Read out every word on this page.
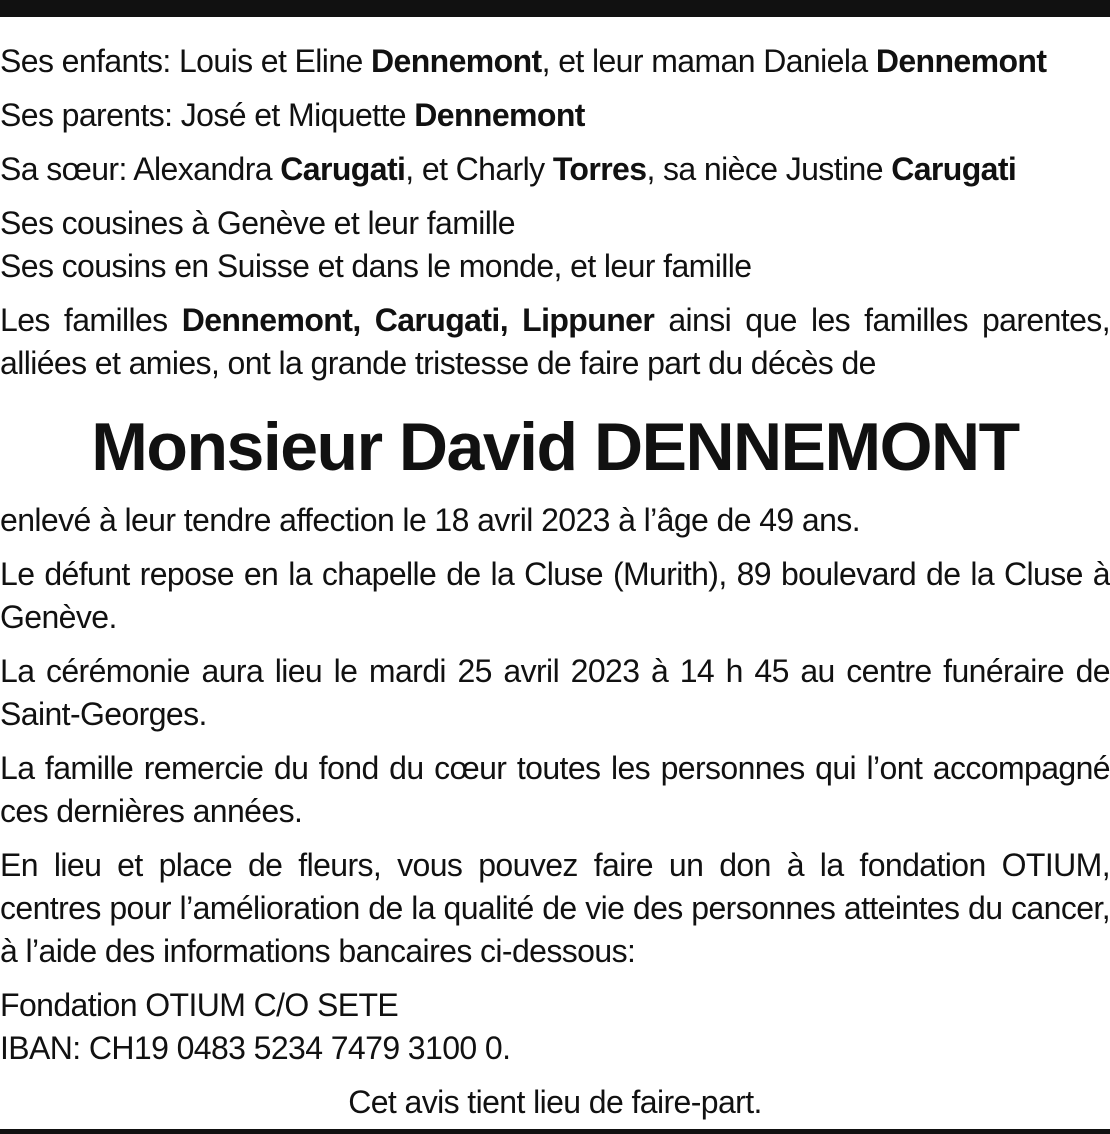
Ses enfants: Louis et Eline Dennemont, et leur maman Daniela Dennemont

Ses parents: José et Miquette Dennemont

Sa sœur: Alexandra Carugati, et Charly Torres, sa nièce Justine Carugati

Ses cousines à Genève et leur famille

Ses cousins en Suisse et dans le monde, et leur famille

Les familles Dennemont, Carugati, Lippuner ainsi que les familles parentes,

alliées et amies, ont la grande tristesse de faire part du décès de

Monsieur David DENNEMONT

enlevé à leur tendre affection le 18 avril 2023 à l’âge de 49 ans.

Le défunt repose en la chapelle de la Cluse (Murith), 89 boulevard de la Cluse à Genève.

La cérémonie aura lieu le mardi 25 avril 2023 à 14 h 45 au centre funéraire de Saint-Georges.

La famille remercie du fond du cœur toutes les personnes qui l’ont accompagné ces dernières années.

En lieu et place de fleurs, vous pouvez faire un don à la fondation OTIUM, centres pour l’amélioration de la qualité de vie des personnes atteintes du cancer, à l’aide des informations bancaires ci-dessous:

Fondation OTIUM C/O SETE

IBAN: CH19 0483 5234 7479 3100 0.

Cet avis tient lieu de faire-part.
